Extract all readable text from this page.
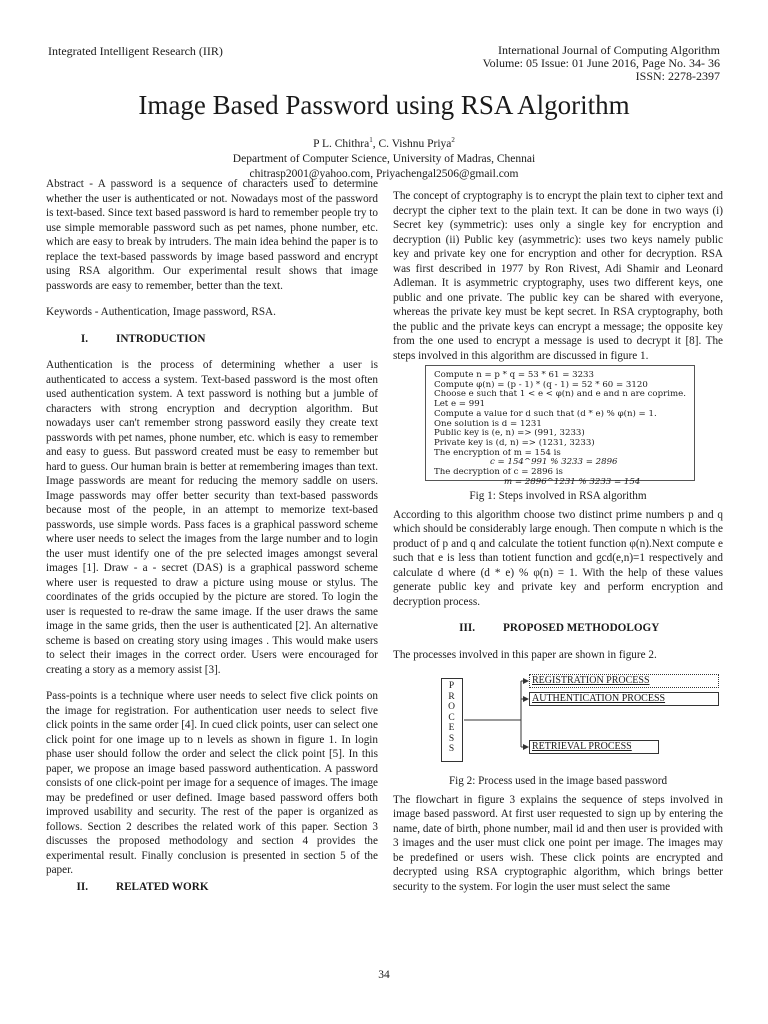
Integrated Intelligent Research (IIR)	International Journal of Computing Algorithm
Volume: 05 Issue: 01 June 2016, Page No. 34- 36
ISSN: 2278-2397
Image Based Password using RSA Algorithm
P L. Chithra$^1$, C. Vishnu Priya$^2$
Department of Computer Science, University of Madras, Chennai
chitrasp2001@yahoo.com, Priyachengal2506@gmail.com

Abstract - A password is a sequence of characters used to determine whether the user is authenticated or not. Nowadays most of the password is text-based. Since text based password is hard to remember people try to use simple memorable password such as pet names, phone number, etc. which are easy to break by intruders. The main idea behind the paper is to replace the text-based passwords by image based password and encrypt using RSA algorithm. Our experimental result shows that image passwords are easy to remember, better than the text.

Keywords - Authentication, Image password, RSA.

I.	INTRODUCTION

Authentication is the process of determining whether a user is authenticated to access a system. Text-based password is the most often used authentication system. A text password is nothing but a jumble of characters with strong encryption and decryption algorithm. But nowadays user can't remember strong password easily they create text passwords with pet names, phone number, etc. which is easy to remember and easy to guess. But password created must be easy to remember but hard to guess. Our human brain is better at remembering images than text. Image passwords are meant for reducing the memory saddle on users. Image passwords may offer better security than text-based passwords because most of the people, in an attempt to memorize text-based passwords, use simple words. Pass faces is a graphical password scheme where user needs to select the images from the large number and to login the user must identify one of the pre selected images amongst several images [1]. Draw - a - secret (DAS) is a graphical password scheme where user is requested to draw a picture using mouse or stylus. The coordinates of the grids occupied by the picture are stored. To login the user is requested to re-draw the same image. If the user draws the same image in the same grids, then the user is authenticated [2]. An alternative scheme is based on creating story using images . This would make users to select their images in the correct order. Users were encouraged for creating a story as a memory assist [3].

Pass-points is a technique where user needs to select five click points on the image for registration. For authentication user needs to select five click points in the same order [4]. In cued click points, user can select one click point for one image up to n levels as shown in figure 1. In login phase user should follow the order and select the click point [5]. In this paper, we propose an image based password authentication. A password consists of one click-point per image for a sequence of images. The image may be predefined or user defined. Image based password offers both improved usability and security. The rest of the paper is organized as follows. Section 2 describes the related work of this paper. Section 3 discusses the proposed methodology and section 4 provides the experimental result. Finally conclusion is presented in section 5 of the paper.

II.	RELATED WORK

The concept of cryptography is to encrypt the plain text to cipher text and decrypt the cipher text to the plain text. It can be done in two ways (i) Secret key (symmetric): uses only a single key for encryption and decryption (ii) Public key (asymmetric): uses two keys namely public key and private key one for encryption and other for decryption. RSA was first described in 1977 by Ron Rivest, Adi Shamir and Leonard Adleman. It is asymmetric cryptography, uses two different keys, one public and one private. The public key can be shared with everyone, whereas the private key must be kept secret. In RSA cryptography, both the public and the private keys can encrypt a message; the opposite key from the one used to encrypt a message is used to decrypt it [8]. The steps involved in this algorithm are discussed in figure 1.

Compute n = p * q = 53 * 61 = 3233
Compute φ(n) = (p - 1) * (q - 1) = 52 * 60 = 3120
Choose e such that 1 < e < φ(n) and e and n are coprime.
Let e = 991
Compute a value for d such that (d * e) % φ(n) = 1.
One solution is d = 1231
Public key is (e, n) => (991, 3233)
Private key is (d, n) => (1231, 3233)
The encryption of m = 154 is
c = 154^991 % 3233 = 2896
The decryption of c = 2896 is
m = 2896^1231 % 3233 = 154
Fig 1: Steps involved in RSA algorithm

According to this algorithm choose two distinct prime numbers p and q which should be considerably large enough. Then compute n which is the product of p and q and calculate the totient function φ(n).Next compute e such that e is less than totient function and gcd(e,n)=1 respectively and calculate d where (d * e) % φ(n) = 1. With the help of these values generate public key and private key and perform encryption and decryption process.

III.	PROPOSED METHODOLOGY

The processes involved in this paper are shown in figure 2.

P
R
O
C
E
S
S
REGISTRATION PROCESS
AUTHENTICATION PROCESS
RETRIEVAL PROCESS
Fig 2: Process used in the image based password

The flowchart in figure 3 explains the sequence of steps involved in image based password. At first user requested to sign up by entering the name, date of birth, phone number, mail id and then user is provided with 3 images and the user must click one point per image. The images may be predefined or users wish. These click points are encrypted and decrypted using RSA cryptographic algorithm, which brings better security to the system. For login the user must select the same

34
